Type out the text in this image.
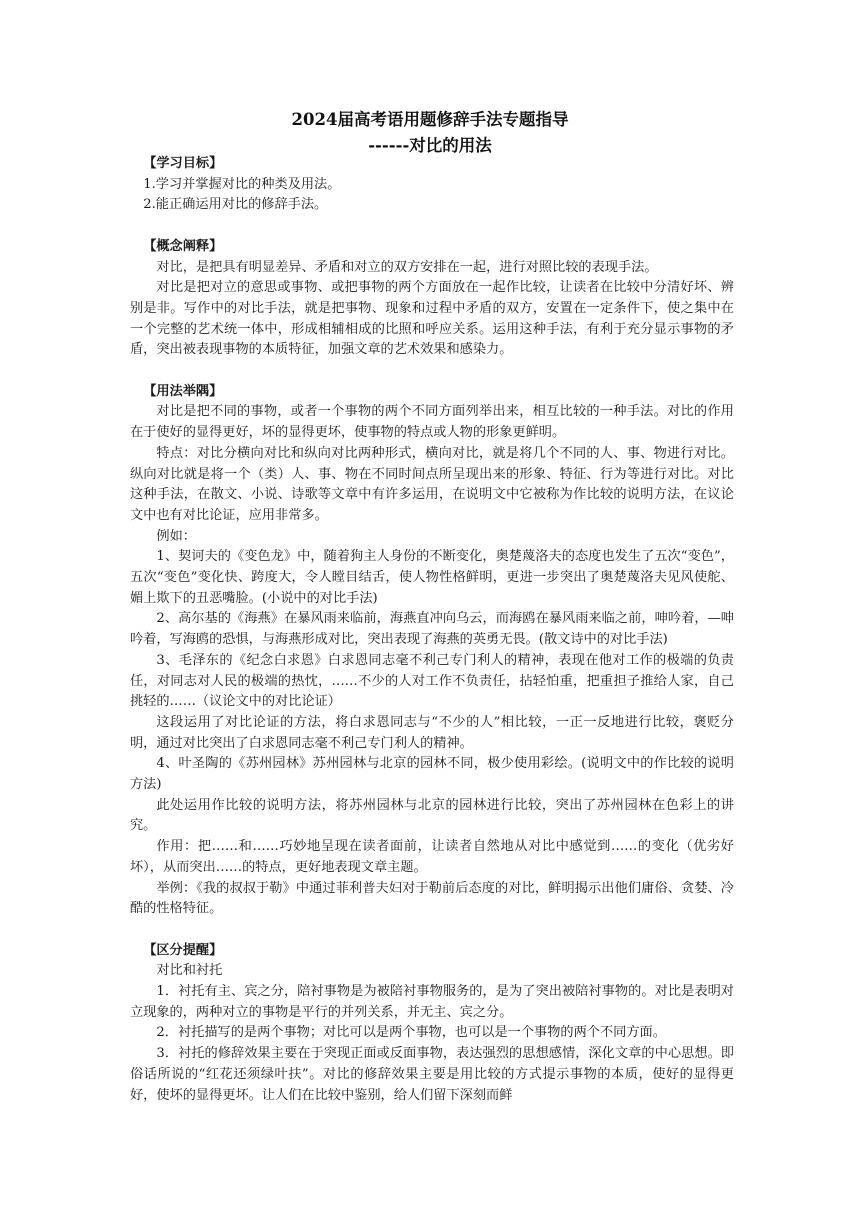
2024届高考语用题修辞手法专题指导
------对比的用法

【学习目标】

1.学习并掌握对比的种类及用法。

2.能正确运用对比的修辞手法。

【概念阐释】

对比，是把具有明显差异、矛盾和对立的双方安排在一起，进行对照比较的表现手法。

对比是把对立的意思或事物、或把事物的两个方面放在一起作比较，让读者在比较中分清好坏、辨别是非。写作中的对比手法，就是把事物、现象和过程中矛盾的双方，安置在一定条件下，使之集中在一个完整的艺术统一体中，形成相辅相成的比照和呼应关系。运用这种手法，有利于充分显示事物的矛盾，突出被表现事物的本质特征，加强文章的艺术效果和感染力。

【用法举隅】

对比是把不同的事物，或者一个事物的两个不同方面列举出来，相互比较的一种手法。对比的作用在于使好的显得更好，坏的显得更坏，使事物的特点或人物的形象更鲜明。

特点：对比分横向对比和纵向对比两种形式，横向对比，就是将几个不同的人、事、物进行对比。纵向对比就是将一个（类）人、事、物在不同时间点所呈现出来的形象、特征、行为等进行对比。对比这种手法，在散文、小说、诗歌等文章中有许多运用，在说明文中它被称为作比较的说明方法，在议论文中也有对比论证，应用非常多。

例如：

1、契诃夫的《变色龙》中，随着狗主人身份的不断变化，奥楚蔑洛夫的态度也发生了五次“变色”，五次“变色”变化快、跨度大，令人瞠目结舌，使人物性格鲜明，更进一步突出了奥楚蔑洛夫见风使舵、媚上欺下的丑恶嘴脸。(小说中的对比手法)

2、高尔基的《海燕》在暴风雨来临前，海燕直冲向乌云，而海鸥在暴风雨来临之前，呻吟着，—呻吟着，写海鸥的恐惧，与海燕形成对比，突出表现了海燕的英勇无畏。(散文诗中的对比手法)

3、毛泽东的《纪念白求恩》白求恩同志毫不利己专门利人的精神，表现在他对工作的极端的负责任，对同志对人民的极端的热忱，……不少的人对工作不负责任，拈轻怕重，把重担子推给人家，自己挑轻的……（议论文中的对比论证）

这段运用了对比论证的方法，将白求恩同志与“不少的人”相比较，一正一反地进行比较，褒贬分明，通过对比突出了白求恩同志毫不利己专门利人的精神。

4、叶圣陶的《苏州园林》苏州园林与北京的园林不同，极少使用彩绘。(说明文中的作比较的说明方法)

此处运用作比较的说明方法，将苏州园林与北京的园林进行比较，突出了苏州园林在色彩上的讲究。

作用：把……和……巧妙地呈现在读者面前，让读者自然地从对比中感觉到……的变化（优劣好坏），从而突出……的特点，更好地表现文章主题。

举例：《我的叔叔于勒》中通过菲利普夫妇对于勒前后态度的对比，鲜明揭示出他们庸俗、贪婪、冷酷的性格特征。

【区分提醒】

对比和衬托

1．衬托有主、宾之分，陪衬事物是为被陪衬事物服务的，是为了突出被陪衬事物的。对比是表明对立现象的，两种对立的事物是平行的并列关系，并无主、宾之分。

2．衬托描写的是两个事物；对比可以是两个事物，也可以是一个事物的两个不同方面。

3．衬托的修辞效果主要在于突现正面或反面事物，表达强烈的思想感情，深化文章的中心思想。即俗话所说的“红花还须绿叶扶”。对比的修辞效果主要是用比较的方式提示事物的本质，使好的显得更好，使坏的显得更坏。让人们在比较中鉴别，给人们留下深刻而鲜
